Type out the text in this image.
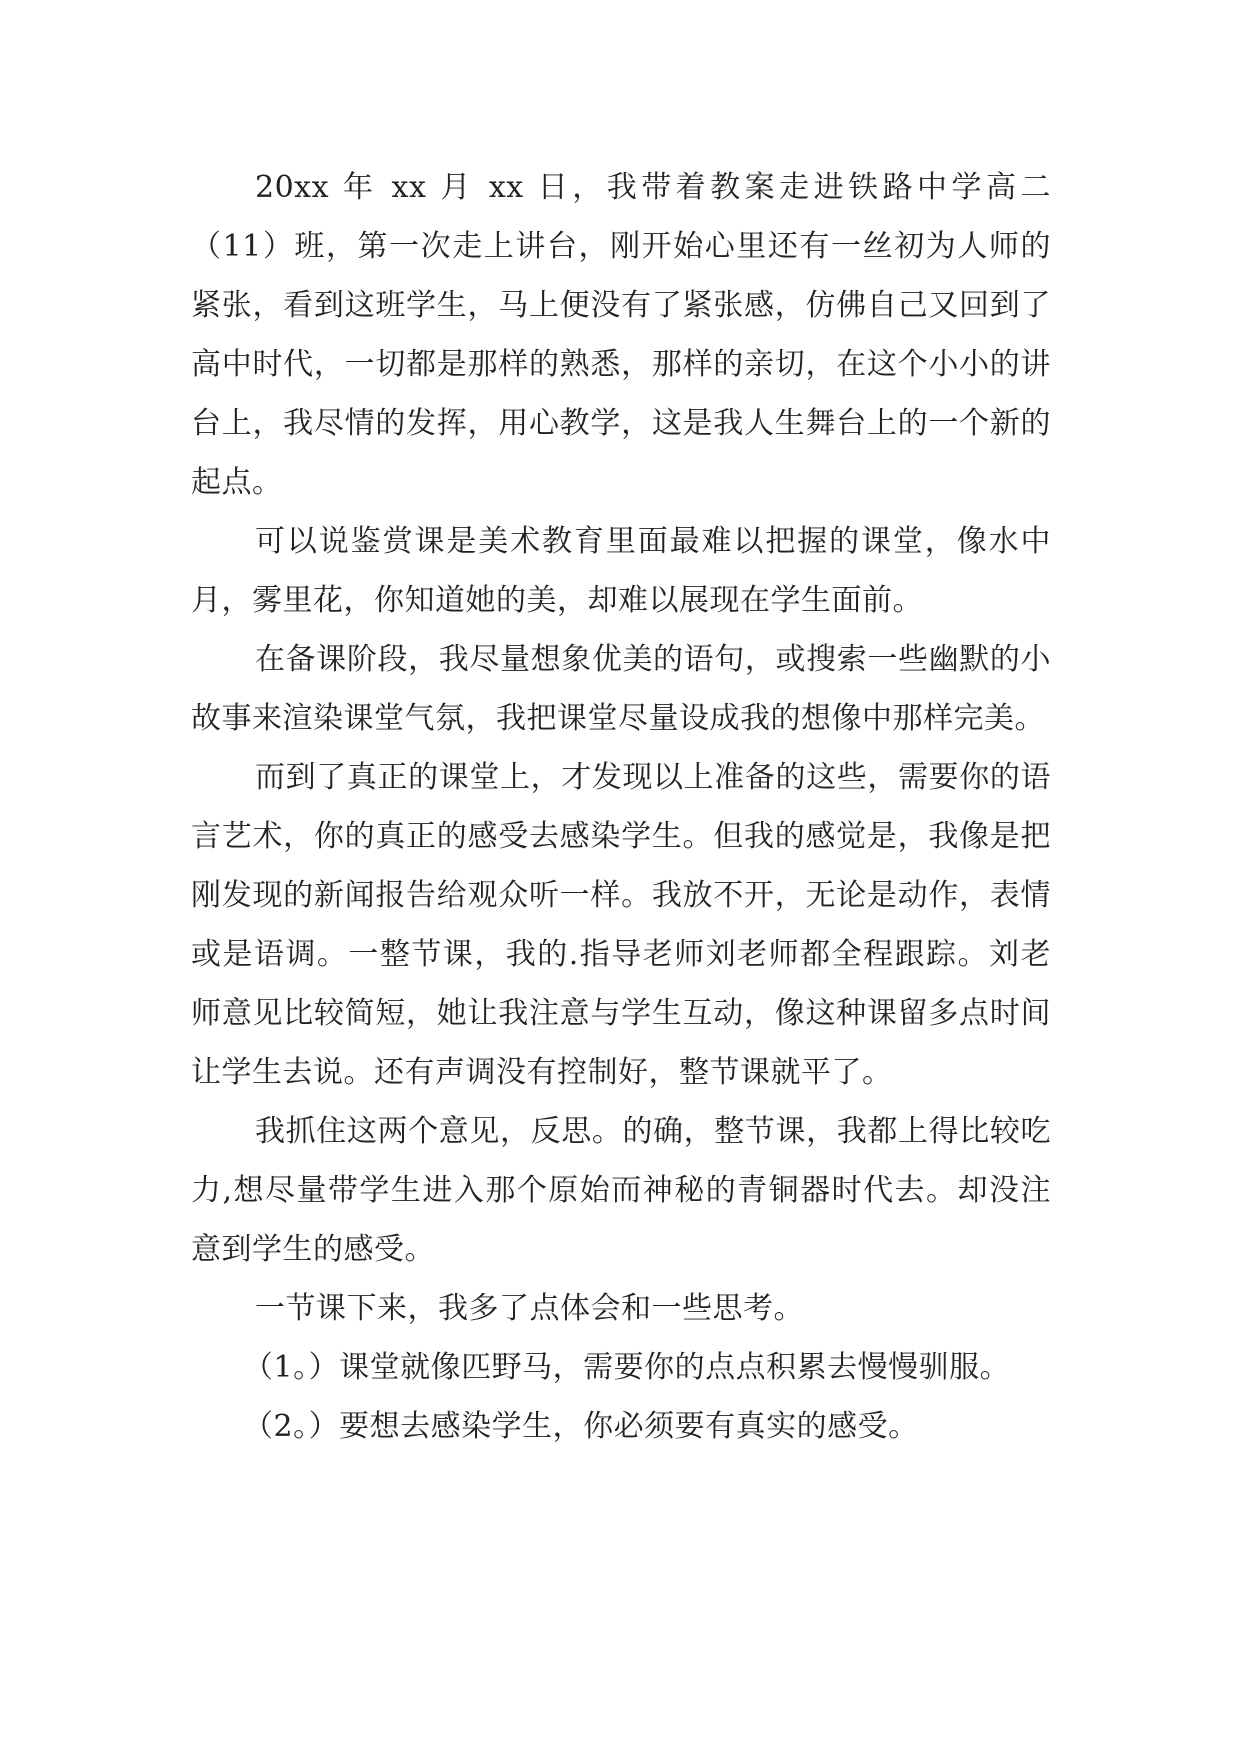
20xx 年 xx 月 xx 日，我带着教案走进铁路中学高二（11）班，第一次走上讲台，刚开始心里还有一丝初为人师的紧张，看到这班学生，马上便没有了紧张感，仿佛自己又回到了高中时代，一切都是那样的熟悉，那样的亲切，在这个小小的讲台上，我尽情的发挥，用心教学，这是我人生舞台上的一个新的起点。

可以说鉴赏课是美术教育里面最难以把握的课堂，像水中月，雾里花，你知道她的美，却难以展现在学生面前。

在备课阶段，我尽量想象优美的语句，或搜索一些幽默的小故事来渲染课堂气氛，我把课堂尽量设成我的想像中那样完美。

而到了真正的课堂上，才发现以上准备的这些，需要你的语言艺术，你的真正的感受去感染学生。但我的感觉是，我像是把刚发现的新闻报告给观众听一样。我放不开，无论是动作，表情或是语调。一整节课，我的.指导老师刘老师都全程跟踪。刘老师意见比较简短，她让我注意与学生互动，像这种课留多点时间让学生去说。还有声调没有控制好，整节课就平了。

我抓住这两个意见，反思。的确，整节课，我都上得比较吃力,想尽量带学生进入那个原始而神秘的青铜器时代去。却没注意到学生的感受。

一节课下来，我多了点体会和一些思考。

（1。）课堂就像匹野马，需要你的点点积累去慢慢驯服。

（2。）要想去感染学生，你必须要有真实的感受。
